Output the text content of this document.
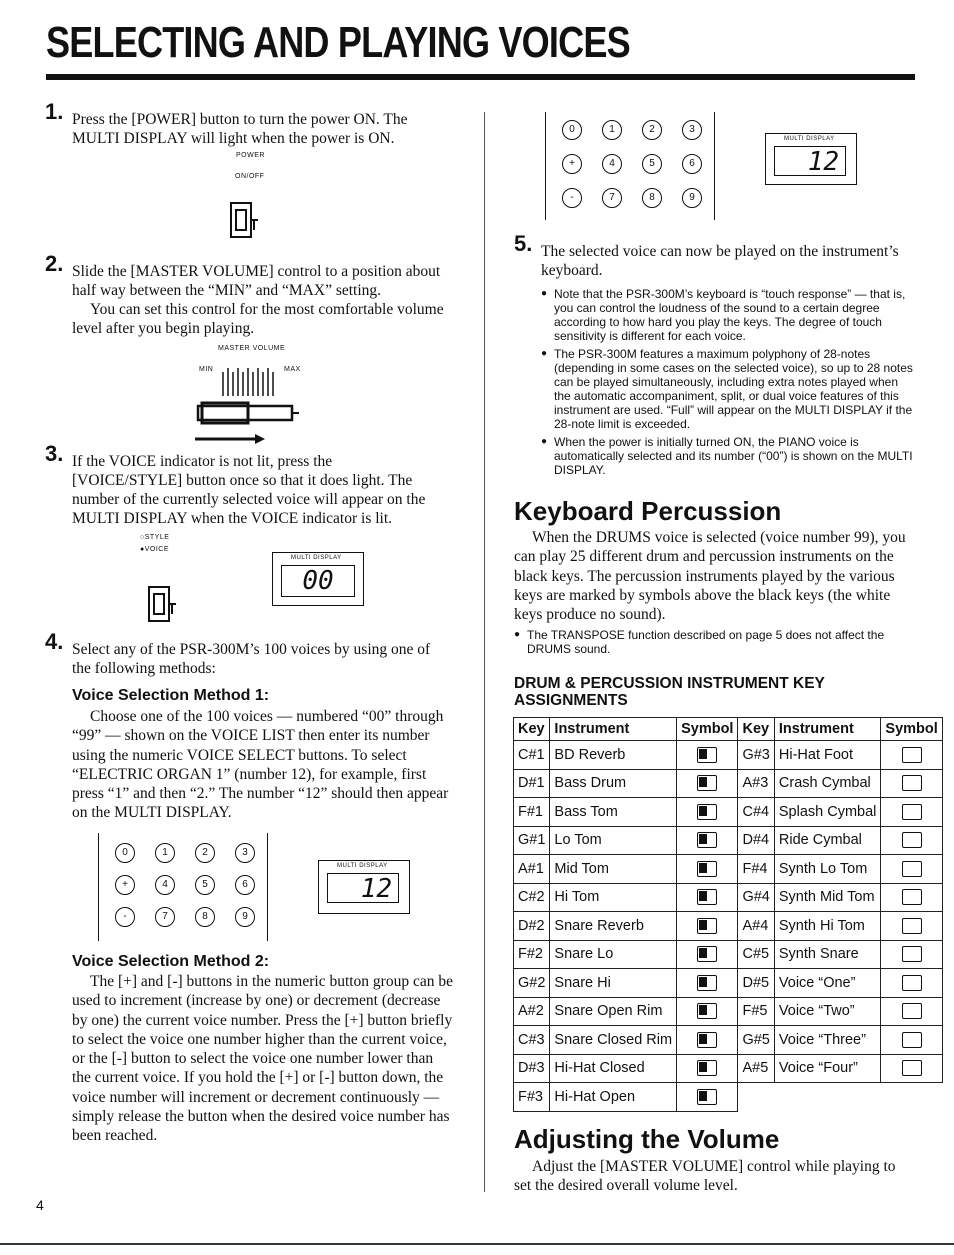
SELECTING AND PLAYING VOICES
1. Press the [POWER] button to turn the power ON. The MULTI DISPLAY will light when the power is ON.
POWER
ON/OFF
2. Slide the [MASTER VOLUME] control to a position about half way between the “MIN” and “MAX” setting.
You can set this control for the most comfortable volume level after you begin playing.
MASTER VOLUME
MIN	MAX
3. If the VOICE indicator is not lit, press the [VOICE/STYLE] button once so that it does light. The number of the currently selected voice will appear on the MULTI DISPLAY when the VOICE indicator is lit.
○STYLE
●VOICE
MULTI DISPLAY
00
4. Select any of the PSR-300M’s 100 voices by using one of the following methods:
Voice Selection Method 1:
Choose one of the 100 voices — numbered “00” through “99” — shown on the VOICE LIST then enter its number using the numeric VOICE SELECT buttons. To select “ELECTRIC ORGAN 1” (number 12), for example, first press “1” and then “2.” The number “12” should then appear on the MULTI DISPLAY.
0	1	2	3
+	4	5	6
-	7	8	9
MULTI DISPLAY
12
Voice Selection Method 2:
The [+] and [-] buttons in the numeric button group can be used to increment (increase by one) or decrement (decrease by one) the current voice number. Press the [+] button briefly to select the voice one number higher than the current voice, or the [-] button to select the voice one number lower than the current voice. If you hold the [+] or [-] button down, the voice number will increment or decrement continuously — simply release the button when the desired voice number has been reached.
0	1	2	3
+	4	5	6
-	7	8	9
MULTI DISPLAY
12
5. The selected voice can now be played on the instrument’s keyboard.
● Note that the PSR-300M’s keyboard is “touch response” — that is, you can control the loudness of the sound to a certain degree according to how hard you play the keys. The degree of touch sensitivity is different for each voice.
● The PSR-300M features a maximum polyphony of 28-notes (depending in some cases on the selected voice), so up to 28 notes can be played simultaneously, including extra notes played when the automatic accompaniment, split, or dual voice features of this instrument are used. “Full” will appear on the MULTI DISPLAY if the 28-note limit is exceeded.
● When the power is initially turned ON, the PIANO voice is automatically selected and its number (“00”) is shown on the MULTI DISPLAY.
Keyboard Percussion
When the DRUMS voice is selected (voice number 99), you can play 25 different drum and percussion instruments on the black keys. The percussion instruments played by the various keys are marked by symbols above the black keys (the white keys produce no sound).
● The TRANSPOSE function described on page 5 does not affect the DRUMS sound.
DRUM & PERCUSSION INSTRUMENT KEY ASSIGNMENTS
Key	Instrument	Symbol	Key	Instrument	Symbol
C#1	BD Reverb		G#3	Hi-Hat Foot	
D#1	Bass Drum		A#3	Crash Cymbal	
F#1	Bass Tom		C#4	Splash Cymbal	
G#1	Lo Tom		D#4	Ride Cymbal	
A#1	Mid Tom		F#4	Synth Lo Tom	
C#2	Hi Tom		G#4	Synth Mid Tom	
D#2	Snare Reverb		A#4	Synth Hi Tom	
F#2	Snare Lo		C#5	Synth Snare	
G#2	Snare Hi		D#5	Voice “One”	
A#2	Snare Open Rim		F#5	Voice “Two”	
C#3	Snare Closed Rim		G#5	Voice “Three”	
D#3	Hi-Hat Closed		A#5	Voice “Four”	
F#3	Hi-Hat Open				
Adjusting the Volume
Adjust the [MASTER VOLUME] control while playing to set the desired overall volume level.
4
